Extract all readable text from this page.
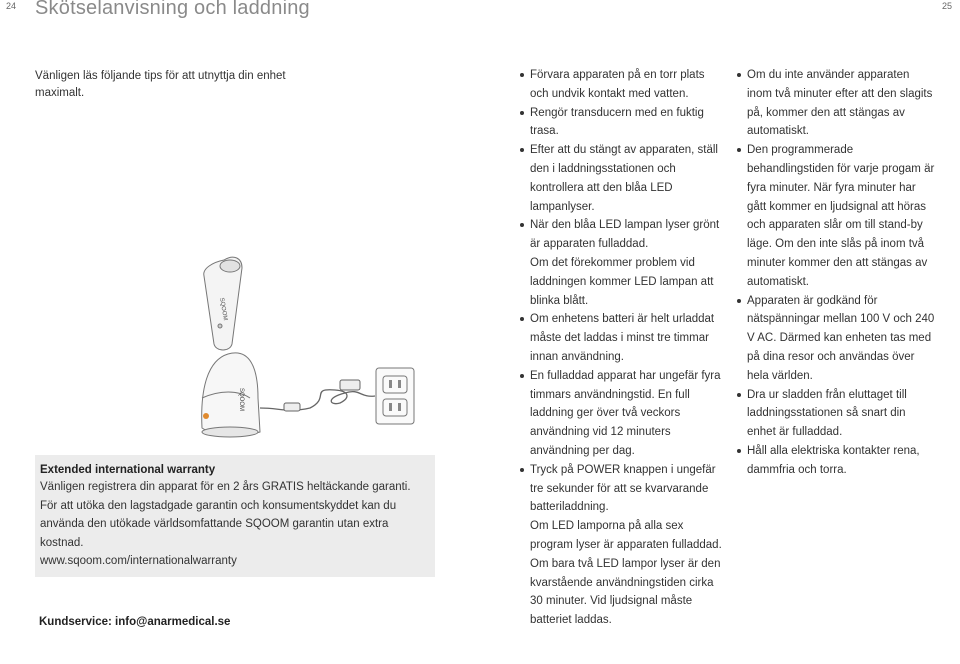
24	25
Skötselanvisning och laddning
Vänligen läs följande tips för att utnyttja din enhet maximalt.
SQOOM
SQOOM
Extended international warranty
Vänligen registrera din apparat för en 2 års GRATIS heltäckande garanti. För att utöka den lagstadgade garantin och konsumentskyddet kan du använda den utökade världsomfattande SQOOM garantin utan extra kostnad.
www.sqoom.com/internationalwarranty
Kundservice: info@anarmedical.se
Förvara apparaten på en torr plats och undvik kontakt med vatten.
Rengör transducern med en fuktig trasa.
Efter att du stängt av apparaten, ställ den i laddningsstationen och kontrollera att den blåa LED lampanlyser.
När den blåa LED lampan lyser grönt är apparaten fulladdad.
Om det förekommer problem vid laddningen kommer LED lampan att blinka blått.
Om enhetens batteri är helt urladdat måste det laddas i minst tre timmar innan användning.
En fulladdad apparat har ungefär fyra timmars användningstid. En full laddning ger över två veckors användning vid 12 minuters användning per dag.
Tryck på POWER knappen i ungefär tre sekunder för att se kvarvarande batteriladdning.
Om LED lamporna på alla sex program lyser är apparaten fulladdad. Om bara två LED lampor lyser är den kvarstående användningstiden cirka 30 minuter. Vid ljudsignal måste batteriet laddas.
Om du inte använder apparaten inom två minuter efter att den slagits på, kommer den att stängas av automatiskt.
Den programmerade behandlingstiden för varje progam är fyra minuter. När fyra minuter har gått kommer en ljudsignal att höras och apparaten slår om till stand-by läge. Om den inte slås på inom två minuter kommer den att stängas av automatiskt.
Apparaten är godkänd för nätspänningar mellan 100 V och 240 V AC. Därmed kan enheten tas med på dina resor och användas över hela världen.
Dra ur sladden från eluttaget till laddningsstationen så snart din enhet är fulladdad.
Håll alla elektriska kontakter rena, dammfria och torra.
